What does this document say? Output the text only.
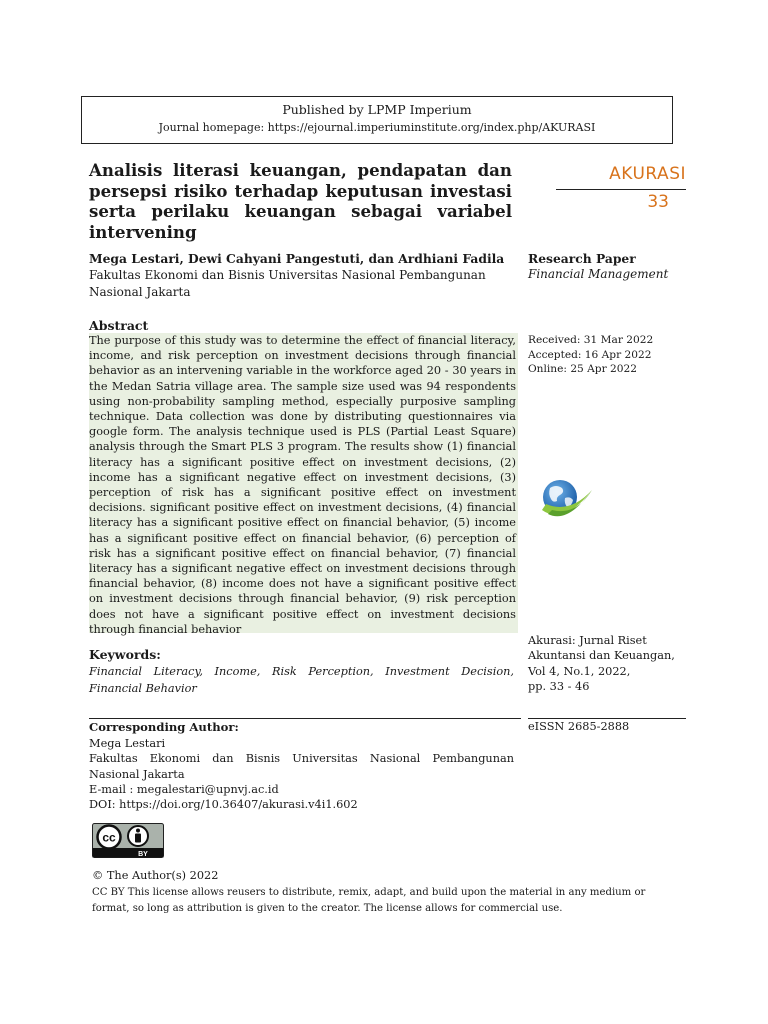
Published by LPMP Imperium
Journal homepage: https://ejournal.imperiuminstitute.org/index.php/AKURASI
Analisis literasi keuangan, pendapatan dan persepsi risiko terhadap keputusan investasi serta perilaku keuangan sebagai variabel intervening
AKURASI
33
Mega Lestari, Dewi Cahyani Pangestuti, dan Ardhiani Fadila
Fakultas Ekonomi dan Bisnis Universitas Nasional Pembangunan Nasional Jakarta
Research Paper
Financial Management
Abstract
The purpose of this study was to determine the effect of financial literacy, income, and risk perception on investment decisions through financial behavior as an intervening variable in the workforce aged 20 - 30 years in the Medan Satria village area. The sample size used was 94 respondents using non-probability sampling method, especially purposive sampling technique. Data collection was done by distributing questionnaires via google form. The analysis technique used is PLS (Partial Least Square) analysis through the Smart PLS 3 program. The results show (1) financial literacy has a significant positive effect on investment decisions, (2) income has a significant negative effect on investment decisions, (3) perception of risk has a significant positive effect on investment decisions. significant positive effect on investment decisions, (4) financial literacy has a significant positive effect on financial behavior, (5) income has a significant positive effect on financial behavior, (6) perception of risk has a significant positive effect on financial behavior, (7) financial literacy has a significant negative effect on investment decisions through financial behavior, (8) income does not have a significant positive effect on investment decisions through financial behavior, (9) risk perception does not have a significant positive effect on investment decisions through financial behavior
Received: 31 Mar 2022
Accepted: 16 Apr 2022
Online: 25 Apr 2022
Akurasi: Jurnal Riset
Akuntansi dan Keuangan,
Vol 4, No.1, 2022,
pp. 33 - 46
Keywords:
Financial Literacy, Income, Risk Perception, Investment Decision, Financial Behavior
Corresponding Author:
Mega Lestari
Fakultas Ekonomi dan Bisnis Universitas Nasional Pembangunan Nasional Jakarta
E-mail : megalestari@upnvj.ac.id
DOI: https://doi.org/10.36407/akurasi.v4i1.602
eISSN 2685-2888
cc
BY
© The Author(s) 2022
CC BY This license allows reusers to distribute, remix, adapt, and build upon the material in any medium or format, so long as attribution is given to the creator. The license allows for commercial use.
